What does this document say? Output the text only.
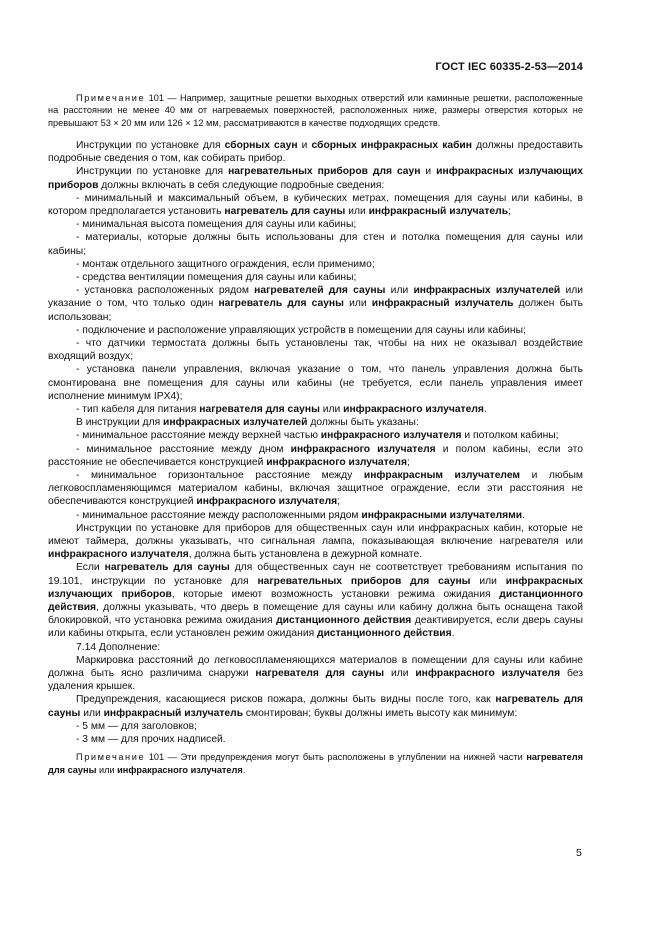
ГОСТ IEC 60335-2-53—2014

Примечание 101 — Например, защитные решетки выходных отверстий или каминные решетки, расположенные на расстоянии не менее 40 мм от нагреваемых поверхностей, расположенных ниже, размеры отверстия которых не превышают 53 × 20 мм или 126 × 12 мм, рассматриваются в качестве подходящих средств.

Инструкции по установке для сборных саун и сборных инфракрасных кабин должны предоставить подробные сведения о том, как собирать прибор.

Инструкции по установке для нагревательных приборов для саун и инфракрасных излучающих приборов должны включать в себя следующие подробные сведения:

- минимальный и максимальный объем, в кубических метрах, помещения для сауны или кабины, в котором предполагается установить нагреватель для сауны или инфракрасный излучатель;

- минимальная высота помещения для сауны или кабины;

- материалы, которые должны быть использованы для стен и потолка помещения для сауны или кабины;

- монтаж отдельного защитного ограждения, если применимо;

- средства вентиляции помещения для сауны или кабины;

- установка расположенных рядом нагревателей для сауны или инфракрасных излучателей или указание о том, что только один нагреватель для сауны или инфракрасный излучатель должен быть использован;

- подключение и расположение управляющих устройств в помещении для сауны или кабины;

- что датчики термостата должны быть установлены так, чтобы на них не оказывал воздействие входящий воздух;

- установка панели управления, включая указание о том, что панель управления должна быть смонтирована вне помещения для сауны или кабины (не требуется, если панель управления имеет исполнение минимум IPX4);

- тип кабеля для питания нагревателя для сауны или инфракрасного излучателя.

В инструкции для инфракрасных излучателей должны быть указаны:

- минимальное расстояние между верхней частью инфракрасного излучателя и потолком кабины;

- минимальное расстояние между дном инфракрасного излучателя и полом кабины, если это расстояние не обеспечивается конструкцией инфракрасного излучателя;

- минимальное горизонтальное расстояние между инфракрасным излучателем и любым легковоспламеняющимся материалом кабины, включая защитное ограждение, если эти расстояния не обеспечиваются конструкцией инфракрасного излучателя;

- минимальное расстояние между расположенными рядом инфракрасными излучателями.

Инструкции по установке для приборов для общественных саун или инфракрасных кабин, которые не имеют таймера, должны указывать, что сигнальная лампа, показывающая включение нагревателя или инфракрасного излучателя, должна быть установлена в дежурной комнате.

Если нагреватель для сауны для общественных саун не соответствует требованиям испытания по 19.101, инструкции по установке для нагревательных приборов для сауны или инфракрасных излучающих приборов, которые имеют возможность установки режима ожидания дистанционного действия, должны указывать, что дверь в помещение для сауны или кабину должна быть оснащена такой блокировкой, что установка режима ожидания дистанционного действия деактивируется, если дверь сауны или кабины открыта, если установлен режим ожидания дистанционного действия.

7.14 Дополнение:

Маркировка расстояний до легковоспламеняющихся материалов в помещении для сауны или кабине должна быть ясно различима снаружи нагревателя для сауны или инфракрасного излучателя без удаления крышек.

Предупреждения, касающиеся рисков пожара, должны быть видны после того, как нагреватель для сауны или инфракрасный излучатель смонтирован; буквы должны иметь высоту как минимум:

- 5 мм — для заголовков;

- 3 мм — для прочих надписей.

Примечание 101 — Эти предупреждения могут быть расположены в углублении на нижней части нагревателя для сауны или инфракрасного излучателя.

5
